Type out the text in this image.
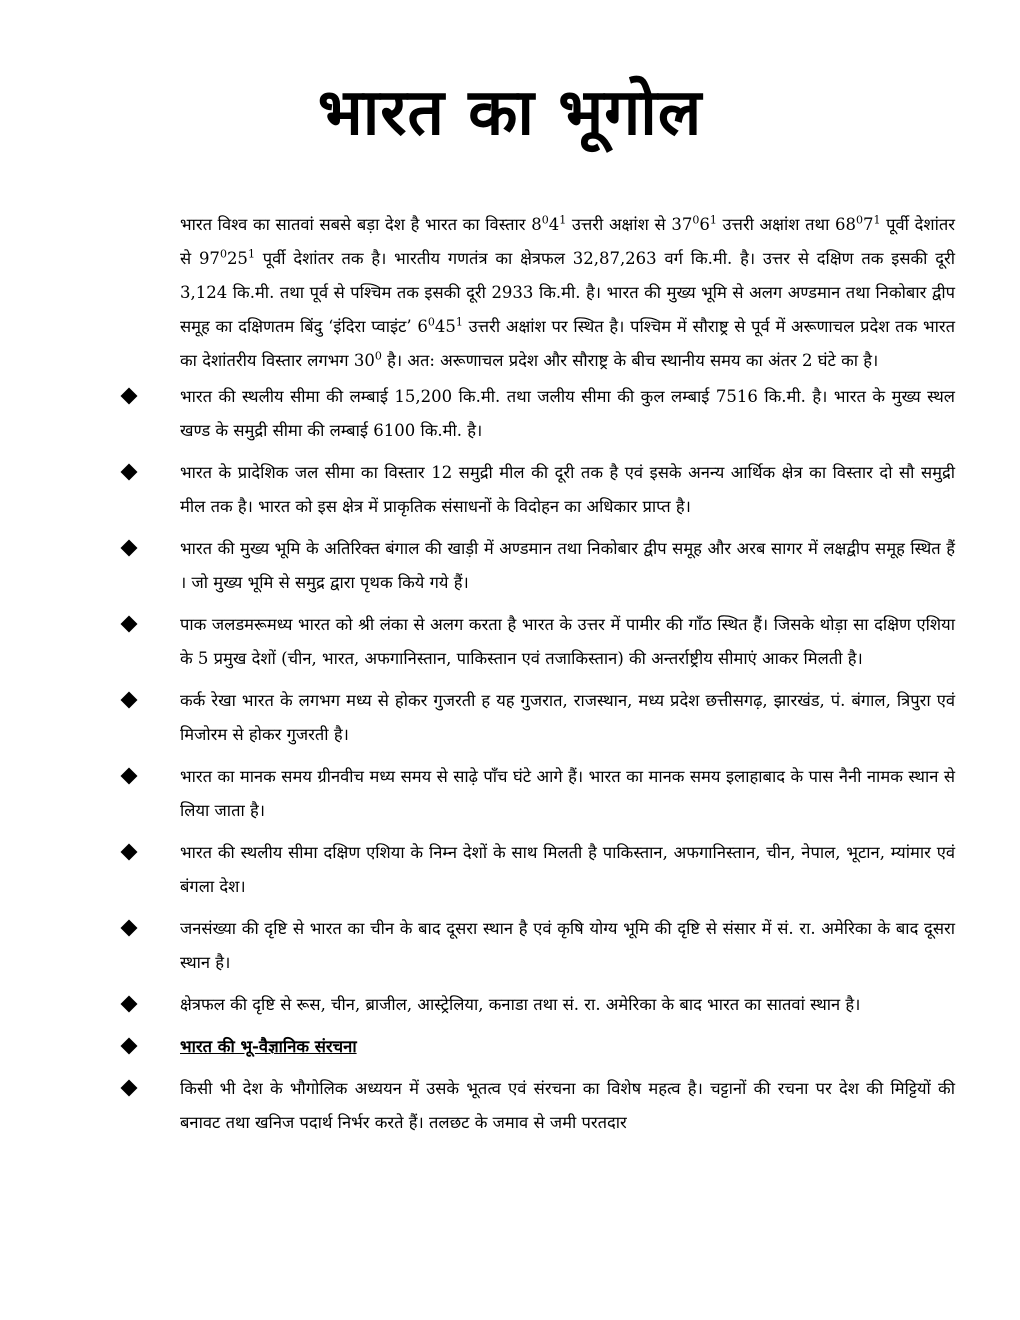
भारत का भूगोल

भारत विश्व का सातवां सबसे बड़ा देश है भारत का विस्तार $8^04^1$ उत्तरी अक्षांश से $37^06^1$ उत्तरी अक्षांश तथा $68^07^1$ पूर्वी देशांतर से $97^025^1$ पूर्वी देशांतर तक है। भारतीय गणतंत्र का क्षेत्रफल 32,87,263 वर्ग कि.मी. है। उत्तर से दक्षिण तक इसकी दूरी 3,124 कि.मी. तथा पूर्व से पश्चिम तक इसकी दूरी 2933 कि.मी. है। भारत की मुख्य भूमि से अलग अण्डमान तथा निकोबार द्वीप समूह का दक्षिणतम बिंदु ‘इंदिरा प्वाइंट’ $6^045^1$ उत्तरी अक्षांश पर स्थित है। पश्चिम में सौराष्ट्र से पूर्व में अरूणाचल प्रदेश तक भारत का देशांतरीय विस्तार लगभग $30^0$ है। अत: अरूणाचल प्रदेश और सौराष्ट्र के बीच स्थानीय समय का अंतर 2 घंटे का है।

भारत की स्थलीय सीमा की लम्बाई 15,200 कि.मी. तथा जलीय सीमा की कुल लम्बाई 7516 कि.मी. है। भारत के मुख्य स्थल खण्ड के समुद्री सीमा की लम्बाई 6100 कि.मी. है।

भारत के प्रादेशिक जल सीमा का विस्तार 12 समुद्री मील की दूरी तक है एवं इसके अनन्य आर्थिक क्षेत्र का विस्तार दो सौ समुद्री मील तक है। भारत को इस क्षेत्र में प्राकृतिक संसाधनों के विदोहन का अधिकार प्राप्त है।

भारत की मुख्य भूमि के अतिरिक्त बंगाल की खाड़ी में अण्डमान तथा निकोबार द्वीप समूह और अरब सागर में लक्षद्वीप समूह स्थित हैं । जो मुख्य भूमि से समुद्र द्वारा पृथक किये गये हैं।

पाक जलडमरूमध्य भारत को श्री लंका से अलग करता है भारत के उत्तर में पामीर की गाँठ स्थित हैं। जिसके थोड़ा सा दक्षिण एशिया के 5 प्रमुख देशों (चीन, भारत, अफगानिस्तान, पाकिस्तान एवं तजाकिस्तान) की अन्तर्राष्ट्रीय सीमाएं आकर मिलती है।

कर्क रेखा भारत के लगभग मध्य से होकर गुजरती ह यह गुजरात, राजस्थान, मध्य प्रदेश छत्तीसगढ़, झारखंड, पं. बंगाल, त्रिपुरा एवं मिजोरम से होकर गुजरती है।

भारत का मानक समय ग्रीनवीच मध्य समय से साढ़े पाँच घंटे आगे हैं। भारत का मानक समय इलाहाबाद के पास नैनी नामक स्थान से लिया जाता है।

भारत की स्थलीय सीमा दक्षिण एशिया के निम्न देशों के साथ मिलती है पाकिस्तान, अफगानिस्तान, चीन, नेपाल, भूटान, म्यांमार एवं बंगला देश।

जनसंख्या की दृष्टि से भारत का चीन के बाद दूसरा स्थान है एवं कृषि योग्य भूमि की दृष्टि से संसार में सं. रा. अमेरिका के बाद दूसरा स्थान है।

क्षेत्रफल की दृष्टि से रूस, चीन, ब्राजील, आस्ट्रेलिया, कनाडा तथा सं. रा. अमेरिका के बाद भारत का सातवां स्थान है।

भारत की भू-वैज्ञानिक संरचना

किसी भी देश के भौगोलिक अध्ययन में उसके भूतत्व एवं संरचना का विशेष महत्व है। चट्टानों की रचना पर देश की मिट्टियों की बनावट तथा खनिज पदार्थ निर्भर करते हैं। तलछट के जमाव से जमी परतदार
